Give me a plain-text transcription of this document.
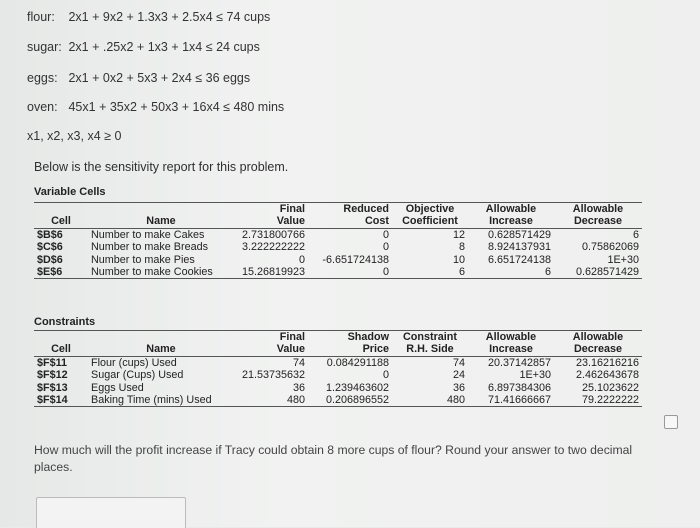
flour: 2x1 + 9x2 + 1.3x3 + 2.5x4 ≤ 74 cups
sugar: 2x1 + .25x2 + 1x3 + 1x4 ≤ 24 cups
eggs: 2x1 + 0x2 + 5x3 + 2x4 ≤ 36 eggs
oven: 45x1 + 35x2 + 50x3 + 16x4 ≤ 480 mins
x1, x2, x3, x4 ≥ 0
Below is the sensitivity report for this problem.
Variable Cells
		Final	Reduced	Objective	Allowable	Allowable
Cell	Name	Value	Cost	Coefficient	Increase	Decrease
$B$6	Number to make Cakes	2.731800766	0	12	0.628571429	6
$C$6	Number to make Breads	3.222222222	0	8	8.924137931	0.75862069
$D$6	Number to make Pies	0	-6.651724138	10	6.651724138	1E+30
$E$6	Number to make Cookies	15.26819923	0	6	6	0.628571429
Constraints
		Final	Shadow	Constraint	Allowable	Allowable
Cell	Name	Value	Price	R.H. Side	Increase	Decrease
$F$11	Flour (cups) Used	74	0.084291188	74	20.37142857	23.16216216
$F$12	Sugar (Cups) Used	21.53735632	0	24	1E+30	2.462643678
$F$13	Eggs Used	36	1.239463602	36	6.897384306	25.1023622
$F$14	Baking Time (mins) Used	480	0.206896552	480	71.41666667	79.2222222
How much will the profit increase if Tracy could obtain 8 more cups of flour? Round your answer to two decimal places.
